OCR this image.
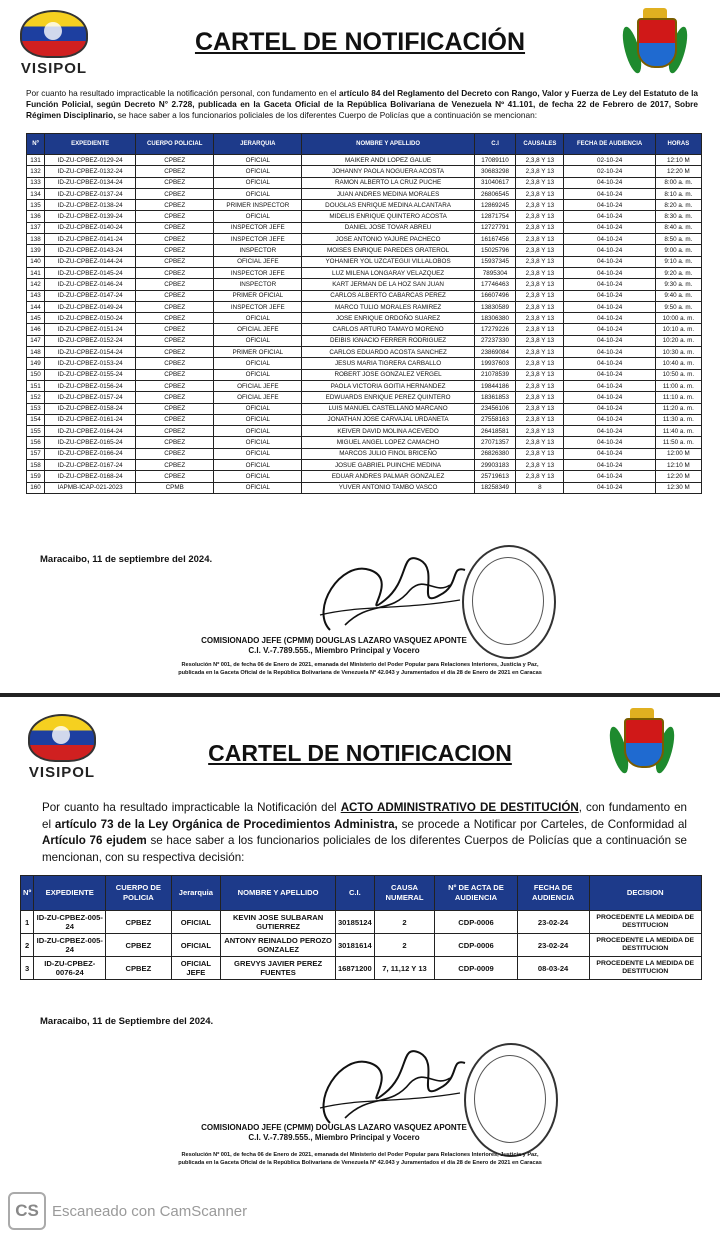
VISIPOL
CARTEL DE NOTIFICACIÓN
Por cuanto ha resultado impracticable la notificación personal, con fundamento en el artículo 84 del Reglamento del Decreto con Rango, Valor y Fuerza de Ley del Estatuto de la Función Policial, según Decreto N° 2.728, publicada en la Gaceta Oficial de la República Bolivariana de Venezuela Nº 41.101, de fecha 22 de Febrero de 2017, Sobre Régimen Disciplinario, se hace saber a los funcionarios policiales de los diferentes Cuerpo de Policías que a continuación se mencionan:
Nº	EXPEDIENTE	CUERPO POLICIAL	JERARQUIA	NOMBRE Y APELLIDO	C.I	CAUSALES	FECHA DE AUDIENCIA	HORAS
131	ID-ZU-CPBEZ-0129-24	CPBEZ	OFICIAL	MAIKER ANDI LOPEZ GALUE	17089110	2,3,8 Y 13	02-10-24	12:10 M
132	ID-ZU-CPBEZ-0132-24	CPBEZ	OFICIAL	JOHANNY PAOLA NOGUERA ACOSTA	30683298	2,3,8 Y 13	02-10-24	12:20 M
133	ID-ZU-CPBEZ-0134-24	CPBEZ	OFICIAL	RAMON ALBERTO LA CRUZ PUCHE	31040617	2,3,8 Y 13	04-10-24	8:00 a. m.
134	ID-ZU-CPBEZ-0137-24	CPBEZ	OFICIAL	JUAN ANDRES MEDINA MORALES	26806545	2,3,8 Y 13	04-10-24	8:10 a. m.
135	ID-ZU-CPBEZ-0138-24	CPBEZ	PRIMER INSPECTOR	DOUGLAS ENRIQUE MEDINA ALCANTARA	12869245	2,3,8 Y 13	04-10-24	8:20 a. m.
136	ID-ZU-CPBEZ-0139-24	CPBEZ	OFICIAL	MIDELIS ENRIQUE QUINTERO ACOSTA	12871754	2,3,8 Y 13	04-10-24	8:30 a. m.
137	ID-ZU-CPBEZ-0140-24	CPBEZ	INSPECTOR JEFE	DANIEL JOSE TOVAR ABREU	12727791	2,3,8 Y 13	04-10-24	8:40 a. m.
138	ID-ZU-CPBEZ-0141-24	CPBEZ	INSPECTOR JEFE	JOSE ANTONIO YAJURE PACHECO	16167456	2,3,8 Y 13	04-10-24	8:50 a. m.
139	ID-ZU-CPBEZ-0143-24	CPBEZ	INSPECTOR	MOISES ENRIQUE PAREDES GRATEROL	15025796	2,3,8 Y 13	04-10-24	9:00 a. m.
140	ID-ZU-CPBEZ-0144-24	CPBEZ	OFICIAL JEFE	YOHANIER YOL UZCATEGUI VILLALOBOS	15937345	2,3,8 Y 13	04-10-24	9:10 a. m.
141	ID-ZU-CPBEZ-0145-24	CPBEZ	INSPECTOR JEFE	LUZ MILENA LONGARAY VELAZQUEZ	7895304	2,3,8 Y 13	04-10-24	9:20 a. m.
142	ID-ZU-CPBEZ-0146-24	CPBEZ	INSPECTOR	KART JERMAN DE LA HOZ SAN JUAN	17746463	2,3,8 Y 13	04-10-24	9:30 a. m.
143	ID-ZU-CPBEZ-0147-24	CPBEZ	PRIMER OFICIAL	CARLOS ALBERTO CABARCAS PEREZ	16607496	2,3,8 Y 13	04-10-24	9:40 a. m.
144	ID-ZU-CPBEZ-0149-24	CPBEZ	INSPECTOR JEFE	MARCO TULIO MORALES RAMIREZ	13830589	2,3,8 Y 13	04-10-24	9:50 a. m.
145	ID-ZU-CPBEZ-0150-24	CPBEZ	OFICIAL	JOSE ENRIQUE ORDOÑO SUAREZ	18306380	2,3,8 Y 13	04-10-24	10:00 a. m.
146	ID-ZU-CPBEZ-0151-24	CPBEZ	OFICIAL JEFE	CARLOS ARTURO TAMAYO MORENO	17279226	2,3,8 Y 13	04-10-24	10:10 a. m.
147	ID-ZU-CPBEZ-0152-24	CPBEZ	OFICIAL	DEIBIS IGNACIO FERRER RODRIGUEZ	27237330	2,3,8 Y 13	04-10-24	10:20 a. m.
148	ID-ZU-CPBEZ-0154-24	CPBEZ	PRIMER OFICIAL	CARLOS EDUARDO ACOSTA SANCHEZ	23869084	2,3,8 Y 13	04-10-24	10:30 a. m.
149	ID-ZU-CPBEZ-0153-24	CPBEZ	OFICIAL	JESUS MARIA TIGRERA CARBALLO	19937603	2,3,8 Y 13	04-10-24	10:40 a. m.
150	ID-ZU-CPBEZ-0155-24	CPBEZ	OFICIAL	ROBERT JOSE GONZALEZ VERGEL	21078539	2,3,8 Y 13	04-10-24	10:50 a. m.
151	ID-ZU-CPBEZ-0156-24	CPBEZ	OFICIAL JEFE	PAOLA VICTORIA GOITIA HERNANDEZ	19844186	2,3,8 Y 13	04-10-24	11:00 a. m.
152	ID-ZU-CPBEZ-0157-24	CPBEZ	OFICIAL JEFE	EDWUARDS ENRIQUE PEREZ QUINTERO	18361853	2,3,8 Y 13	04-10-24	11:10 a. m.
153	ID-ZU-CPBEZ-0158-24	CPBEZ	OFICIAL	LUIS MANUEL CASTELLANO MARCANO	23456106	2,3,8 Y 13	04-10-24	11:20 a. m.
154	ID-ZU-CPBEZ-0161-24	CPBEZ	OFICIAL	JONATHAN JOSE CARVAJAL URDANETA	27558163	2,3,8 Y 13	04-10-24	11:30 a. m.
155	ID-ZU-CPBEZ-0164-24	CPBEZ	OFICIAL	KEIVER DAVID MOLINA ACEVEDO	26418581	2,3,8 Y 13	04-10-24	11:40 a. m.
156	ID-ZU-CPBEZ-0165-24	CPBEZ	OFICIAL	MIGUEL ANGEL LOPEZ CAMACHO	27071357	2,3,8 Y 13	04-10-24	11:50 a. m.
157	ID-ZU-CPBEZ-0166-24	CPBEZ	OFICIAL	MARCOS JULIO FINOL BRICEÑO	26826380	2,3,8 Y 13	04-10-24	12:00 M
158	ID-ZU-CPBEZ-0167-24	CPBEZ	OFICIAL	JOSUE GABRIEL PUINCHE MEDINA	29903183	2,3,8 Y 13	04-10-24	12:10 M
159	ID-ZU-CPBEZ-0168-24	CPBEZ	OFICIAL	EDUAR ANDRES PALMAR GONZALEZ	25719613	2,3,8 Y 13	04-10-24	12:20 M
160	IAPMB-ICAP-021-2023	CPMB	OFICIAL	YUVER ANTONIO TAMBO VASCO	18258349	8	04-10-24	12:30 M
Maracaibo, 11 de septiembre del 2024.
COMISIONADO JEFE (CPMM) DOUGLAS LAZARO VASQUEZ APONTE
C.I. V.-7.789.555., Miembro Principal y Vocero
Resolución Nº 001, de fecha 06 de Enero de 2021, emanada del Ministerio del Poder Popular para Relaciones Interiores, Justicia y Paz,
publicada en la Gaceta Oficial de la República Bolivariana de Venezuela Nº 42.043 y Juramentados el día 28 de Enero de 2021 en Caracas
VISIPOL
CARTEL DE NOTIFICACION
Por cuanto ha resultado impracticable la Notificación del ACTO ADMINISTRATIVO DE DESTITUCIÓN, con fundamento en el artículo 73 de la Ley Orgánica de Procedimientos Administra, se procede a Notificar por Carteles, de Conformidad al Artículo 76 ejudem se hace saber a los funcionarios policiales de los diferentes Cuerpos de Policías que a continuación se mencionan, con su respectiva decisión:
Nº	EXPEDIENTE	CUERPO DE POLICIA	Jerarquia	NOMBRE Y APELLIDO	C.I.	CAUSA NUMERAL	Nº DE ACTA DE AUDIENCIA	FECHA DE AUDIENCIA	DECISION
1	ID-ZU-CPBEZ-005-24	CPBEZ	OFICIAL	KEVIN JOSE SULBARAN GUTIERREZ	30185124	2	CDP-0006	23-02-24	PROCEDENTE LA MEDIDA DE DESTITUCION
2	ID-ZU-CPBEZ-005-24	CPBEZ	OFICIAL	ANTONY REINALDO PEROZO GONZALEZ	30181614	2	CDP-0006	23-02-24	PROCEDENTE LA MEDIDA DE DESTITUCION
3	ID-ZU-CPBEZ-0076-24	CPBEZ	OFICIAL JEFE	GREVYS JAVIER PEREZ FUENTES	16871200	7, 11,12 Y 13	CDP-0009	08-03-24	PROCEDENTE LA MEDIDA DE DESTITUCION
Maracaibo, 11 de Septiembre del 2024.
COMISIONADO JEFE (CPMM) DOUGLAS LAZARO VASQUEZ APONTE
C.I. V.-7.789.555., Miembro Principal y Vocero
Resolución Nº 001, de fecha 06 de Enero de 2021, emanada del Ministerio del Poder Popular para Relaciones Interiores, Justicia y Paz,
publicada en la Gaceta Oficial de la República Bolivariana de Venezuela Nº 42.043 y Juramentados el día 28 de Enero de 2021 en Caracas
CS Escaneado con CamScanner
